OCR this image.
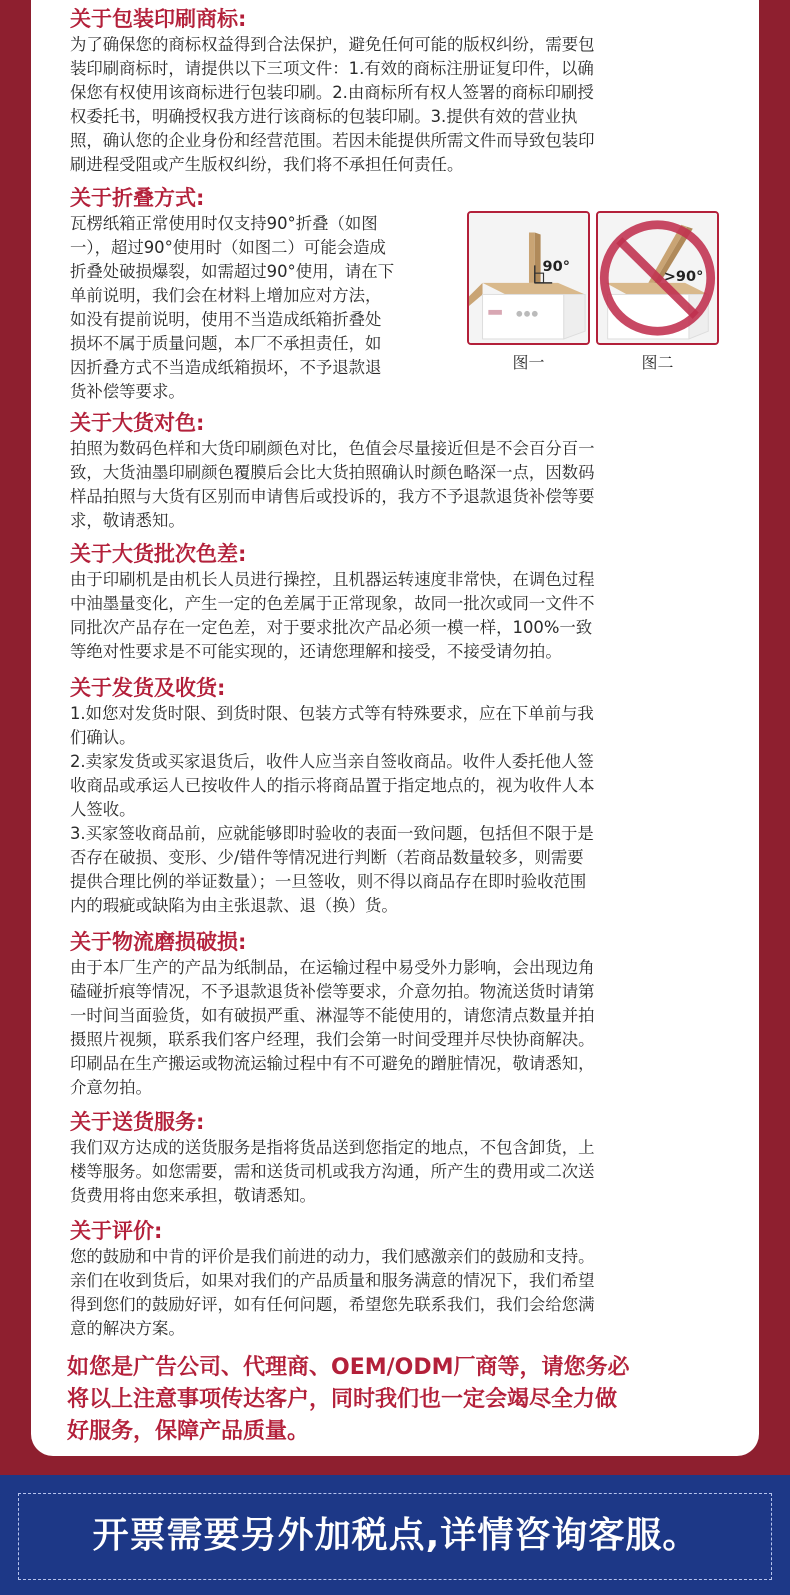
关于包装印刷商标:
为了确保您的商标权益得到合法保护，避免任何可能的版权纠纷，需要包
装印刷商标时，请提供以下三项文件：1.有效的商标注册证复印件，以确
保您有权使用该商标进行包装印刷。2.由商标所有权人签署的商标印刷授
权委托书，明确授权我方进行该商标的包装印刷。3.提供有效的营业执
照，确认您的企业身份和经营范围。若因未能提供所需文件而导致包装印
刷进程受阻或产生版权纠纷，我们将不承担任何责任。
关于折叠方式:
瓦楞纸箱正常使用时仅支持90°折叠（如图
一），超过90°使用时（如图二）可能会造成
折叠处破损爆裂，如需超过90°使用，请在下
单前说明，我们会在材料上增加应对方法，
如没有提前说明，使用不当造成纸箱折叠处
损坏不属于质量问题，本厂不承担责任，如
因折叠方式不当造成纸箱损坏，不予退款退
货补偿等要求。
90°
>90°
图一	图二
关于大货对色:
拍照为数码色样和大货印刷颜色对比，色值会尽量接近但是不会百分百一
致，大货油墨印刷颜色覆膜后会比大货拍照确认时颜色略深一点，因数码
样品拍照与大货有区别而申请售后或投诉的，我方不予退款退货补偿等要
求，敬请悉知。
关于大货批次色差:
由于印刷机是由机长人员进行操控，且机器运转速度非常快，在调色过程
中油墨量变化，产生一定的色差属于正常现象，故同一批次或同一文件不
同批次产品存在一定色差，对于要求批次产品必须一模一样，100%一致
等绝对性要求是不可能实现的，还请您理解和接受，不接受请勿拍。
关于发货及收货:
1.如您对发货时限、到货时限、包装方式等有特殊要求，应在下单前与我
们确认。
2.卖家发货或买家退货后，收件人应当亲自签收商品。收件人委托他人签
收商品或承运人已按收件人的指示将商品置于指定地点的，视为收件人本
人签收。
3.买家签收商品前，应就能够即时验收的表面一致问题，包括但不限于是
否存在破损、变形、少/错件等情况进行判断（若商品数量较多，则需要
提供合理比例的举证数量）；一旦签收，则不得以商品存在即时验收范围
内的瑕疵或缺陷为由主张退款、退（换）货。
关于物流磨损破损:
由于本厂生产的产品为纸制品，在运输过程中易受外力影响，会出现边角
磕碰折痕等情况，不予退款退货补偿等要求，介意勿拍。物流送货时请第
一时间当面验货，如有破损严重、淋湿等不能使用的，请您清点数量并拍
摄照片视频，联系我们客户经理，我们会第一时间受理并尽快协商解决。
印刷品在生产搬运或物流运输过程中有不可避免的蹭脏情况，敬请悉知，
介意勿拍。
关于送货服务:
我们双方达成的送货服务是指将货品送到您指定的地点，不包含卸货，上
楼等服务。如您需要，需和送货司机或我方沟通，所产生的费用或二次送
货费用将由您来承担，敬请悉知。
关于评价:
您的鼓励和中肯的评价是我们前进的动力，我们感激亲们的鼓励和支持。
亲们在收到货后，如果对我们的产品质量和服务满意的情况下，我们希望
得到您们的鼓励好评，如有任何问题，希望您先联系我们，我们会给您满
意的解决方案。
如您是广告公司、代理商、OEM/ODM厂商等，请您务必
将以上注意事项传达客户，同时我们也一定会竭尽全力做
好服务，保障产品质量。
开票需要另外加税点,详情咨询客服。
